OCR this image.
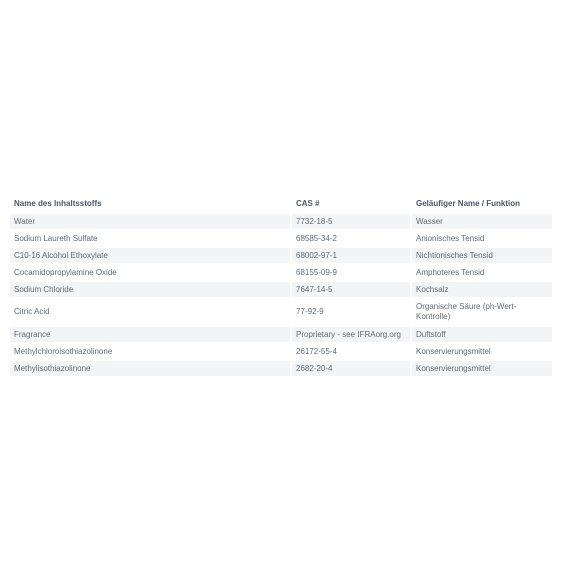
Name des Inhaltsstoffs	CAS #	Geläufiger Name / Funktion
Water	7732-18-5	Wasser
Sodium Laureth Sulfate	68585-34-2	Anionisches Tensid
C10-16 Alcohol Ethoxylate	68002-97-1	Nichtionisches Tensid
Cocamidopropylamine Oxide	68155-09-9	Amphoteres Tensid
Sodium Chloride	7647-14-5	Kochsalz
Citric Acid	77-92-9	Organische Säure (ph-Wert-Kontrolle)
Fragrance	Proprietary - see IFRAorg.org	Duftstoff
Methylchloroisothiazolinone	26172-55-4	Konservierungsmittel
Methylisothiazolinone	2682-20-4	Konservierungsmittel
